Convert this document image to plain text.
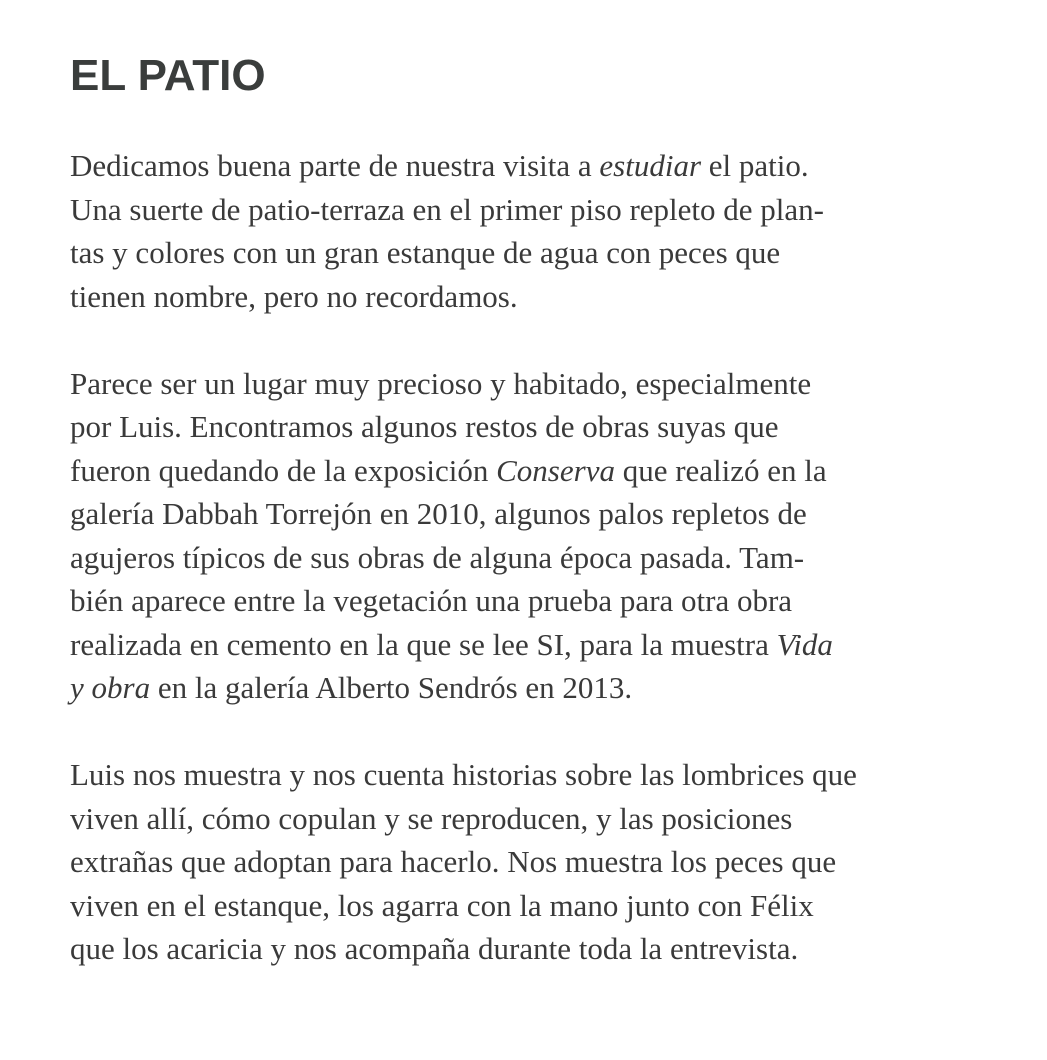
EL PATIO

Dedicamos buena parte de nuestra visita a estudiar el patio.
Una suerte de patio-terraza en el primer piso repleto de plan-
tas y colores con un gran estanque de agua con peces que
tienen nombre, pero no recordamos.

Parece ser un lugar muy precioso y habitado, especialmente
por Luis. Encontramos algunos restos de obras suyas que
fueron quedando de la exposición Conserva que realizó en la
galería Dabbah Torrejón en 2010, algunos palos repletos de
agujeros típicos de sus obras de alguna época pasada. Tam-
bién aparece entre la vegetación una prueba para otra obra
realizada en cemento en la que se lee SI, para la muestra Vida
y obra en la galería Alberto Sendrós en 2013.

Luis nos muestra y nos cuenta historias sobre las lombrices que
viven allí, cómo copulan y se reproducen, y las posiciones
extrañas que adoptan para hacerlo. Nos muestra los peces que
viven en el estanque, los agarra con la mano junto con Félix
que los acaricia y nos acompaña durante toda la entrevista.
